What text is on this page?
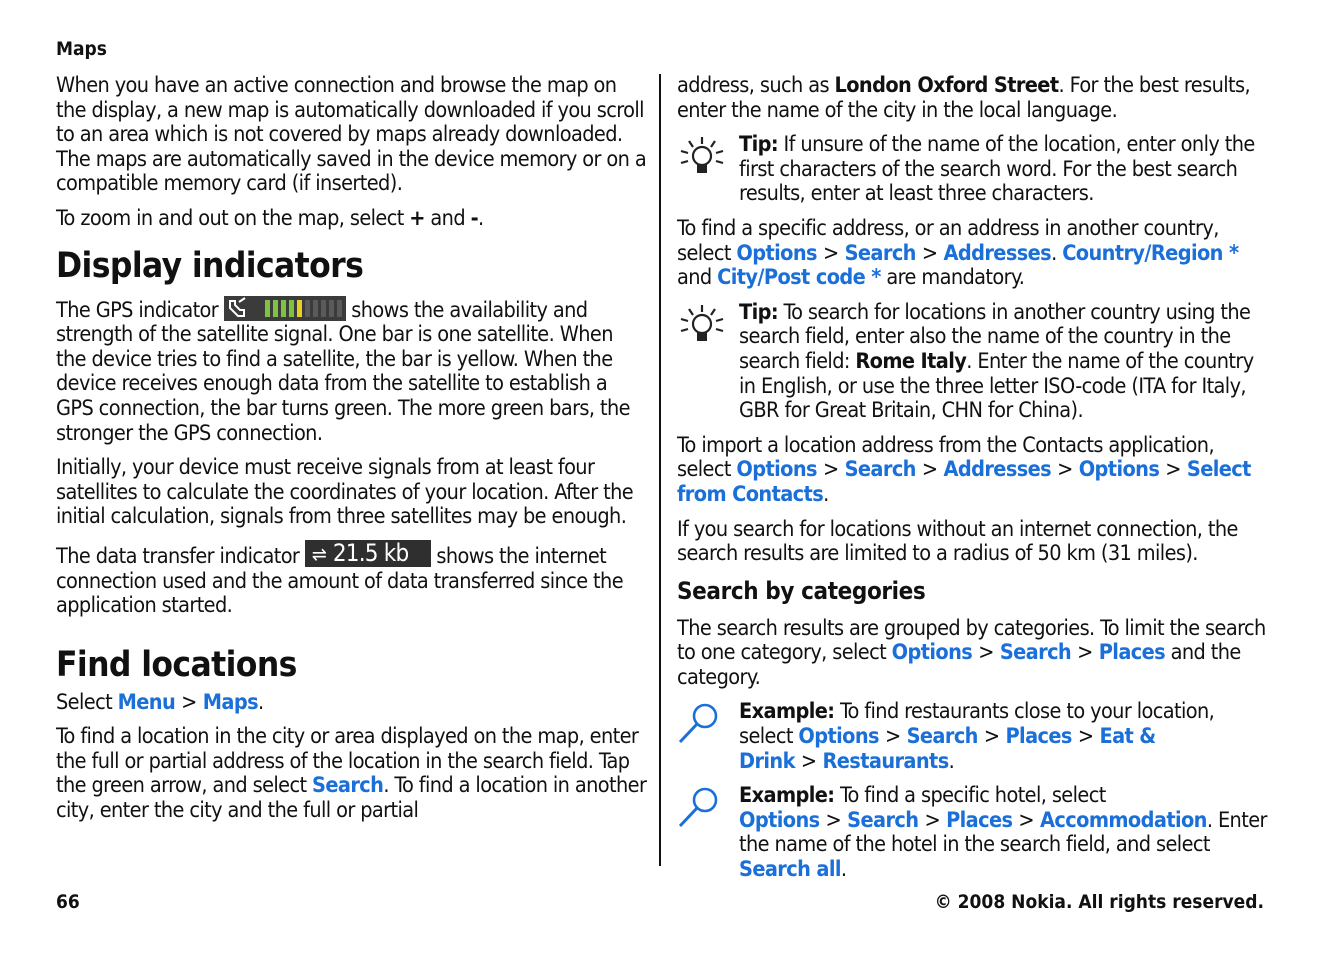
Maps

When you have an active connection and browse the map on the display, a new map is automatically downloaded if you scroll to an area which is not covered by maps already downloaded. The maps are automatically saved in the device memory or on a compatible memory card (if inserted).

To zoom in and out on the map, select + and -.

Display indicators

The GPS indicator	shows the availability and strength of the satellite signal. One bar is one satellite. When the device tries to find a satellite, the bar is yellow. When the device receives enough data from the satellite to establish a GPS connection, the bar turns green. The more green bars, the stronger the GPS connection.

Initially, your device must receive signals from at least four satellites to calculate the coordinates of your location. After the initial calculation, signals from three satellites may be enough.

The data transfer indicator ⇌ 21.5 kb shows the internet connection used and the amount of data transferred since the application started.

Find locations

Select Menu > Maps.

To find a location in the city or area displayed on the map, enter the full or partial address of the location in the search field. Tap the green arrow, and select Search. To find a location in another city, enter the city and the full or partial

address, such as London Oxford Street. For the best results, enter the name of the city in the local language.

Tip: If unsure of the name of the location, enter only the first characters of the search word. For the best search results, enter at least three characters.

To find a specific address, or an address in another country, select Options > Search > Addresses. Country/Region * and City/Post code * are mandatory.

Tip: To search for locations in another country using the search field, enter also the name of the country in the search field: Rome Italy. Enter the name of the country in English, or use the three letter ISO-code (ITA for Italy, GBR for Great Britain, CHN for China).

To import a location address from the Contacts application, select Options > Search > Addresses > Options > Select from Contacts.

If you search for locations without an internet connection, the search results are limited to a radius of 50 km (31 miles).

Search by categories

The search results are grouped by categories. To limit the search to one category, select Options > Search > Places and the category.

Example: To find restaurants close to your location, select Options > Search > Places > Eat & Drink > Restaurants.
Example: To find a specific hotel, select Options > Search > Places > Accommodation. Enter the name of the hotel in the search field, and select Search all.
66	© 2008 Nokia. All rights reserved.
